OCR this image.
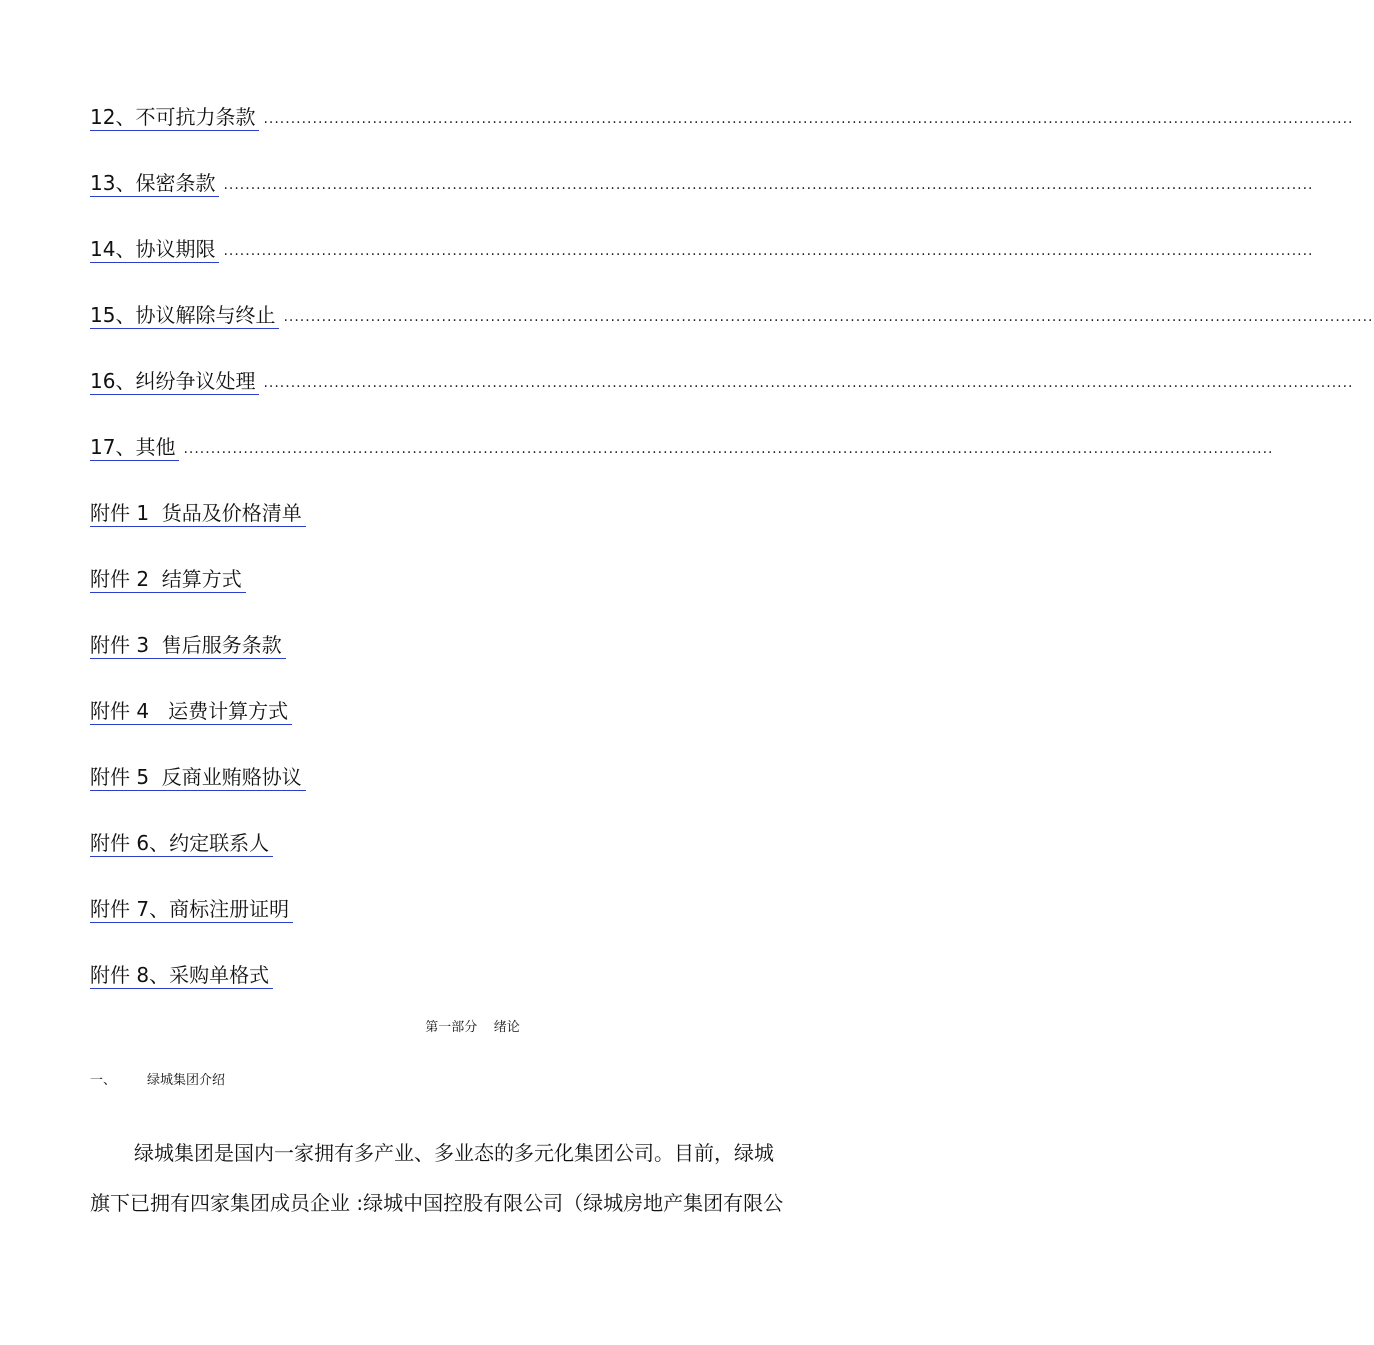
12、不可抗力条款 ........................................................................................................................................................................................................
13、保密条款 ........................................................................................................................................................................................................
14、协议期限 ........................................................................................................................................................................................................
15、协议解除与终止 ........................................................................................................................................................................................................
16、纠纷争议处理 ........................................................................................................................................................................................................
17、其他 ........................................................................................................................................................................................................
附件 1  货品及价格清单
附件 2  结算方式
附件 3  售后服务条款
附件 4   运费计算方式
附件 5  反商业贿赂协议
附件 6、约定联系人
附件 7、商标注册证明
附件 8、采购单格式
第一部分    绪论
一、	绿城集团介绍
绿城集团是国内一家拥有多产业、多业态的多元化集团公司。目前，绿城
旗下已拥有四家集团成员企业 :绿城中国控股有限公司（绿城房地产集团有限公
